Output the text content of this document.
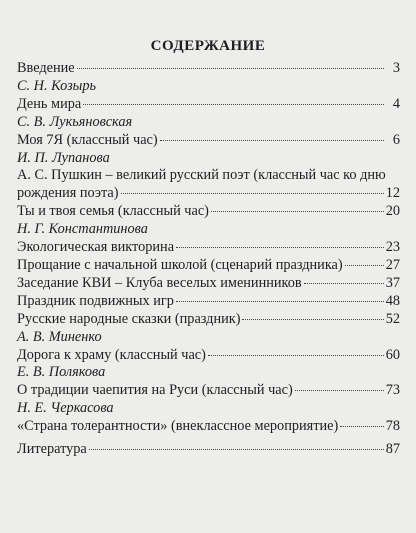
СОДЕРЖАНИЕ
Введение	3
С. Н. Козырь
День мира	4
С. В. Лукьяновская
Моя 7Я (классный час)	6
И. П. Лупанова
А. С. Пушкин – великий русский поэт (классный час ко дню
рождения поэта)	12
Ты и твоя семья (классный час)	20
Н. Г. Константинова
Экологическая викторина	23
Прощание с начальной школой (сценарий праздника)	27
Заседание КВИ – Клуба веселых именинников	37
Праздник подвижных игр	48
Русские народные сказки (праздник)	52
А. В. Миненко
Дорога к храму (классный час)	60
Е. В. Полякова
О традиции чаепития на Руси (классный час)	73
Н. Е. Черкасова
«Страна толерантности» (внеклассное мероприятие)	78
Литература	87
